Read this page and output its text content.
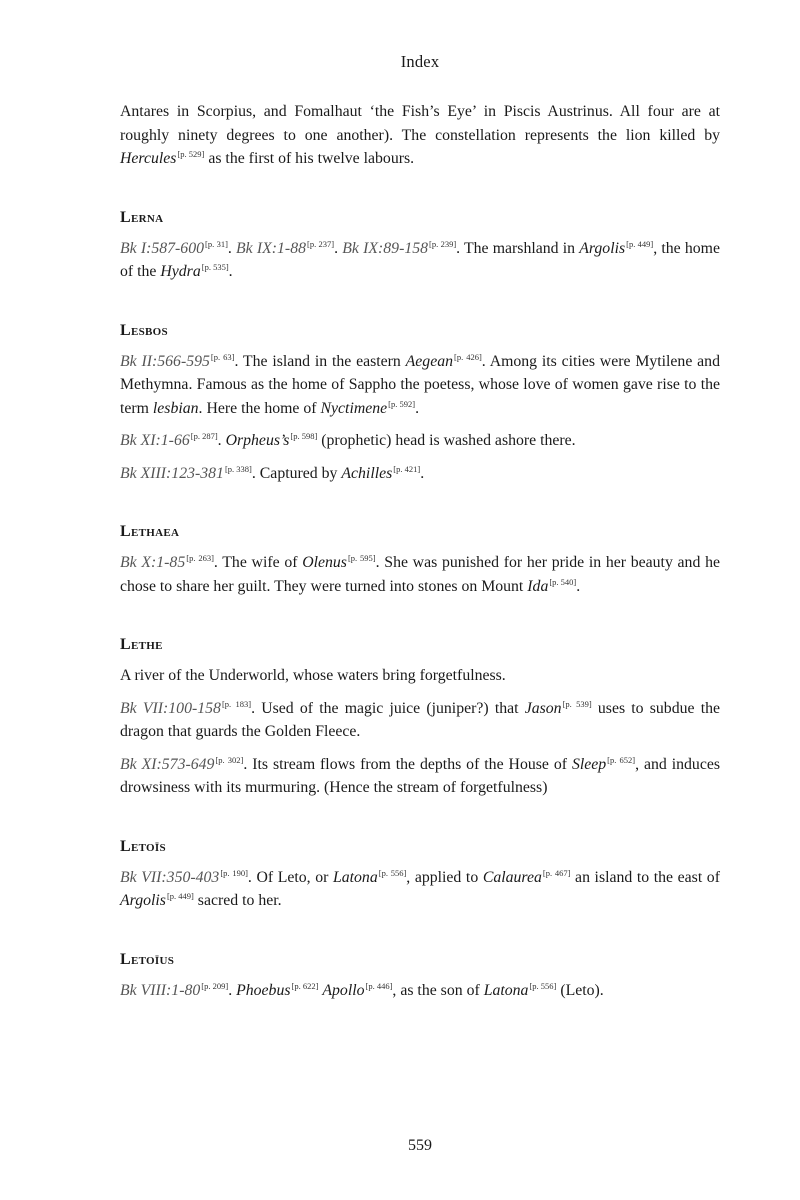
Index

Antares in Scorpius, and Fomalhaut ‘the Fish’s Eye’ in Piscis Austrinus. All four are at roughly ninety degrees to one another). The constellation represents the lion killed by Hercules[p. 529] as the first of his twelve labours.

Lerna

Bk I:587-600[p. 31]. Bk IX:1-88[p. 237]. Bk IX:89-158[p. 239]. The marshland in Argolis[p. 449], the home of the Hydra[p. 535].

Lesbos

Bk II:566-595[p. 63]. The island in the eastern Aegean[p. 426]. Among its cities were Mytilene and Methymna. Famous as the home of Sappho the poetess, whose love of women gave rise to the term lesbian. Here the home of Nyctimene[p. 592].

Bk XI:1-66[p. 287]. Orpheus’s[p. 598] (prophetic) head is washed ashore there.

Bk XIII:123-381[p. 338]. Captured by Achilles[p. 421].

Lethaea

Bk X:1-85[p. 263]. The wife of Olenus[p. 595]. She was punished for her pride in her beauty and he chose to share her guilt. They were turned into stones on Mount Ida[p. 540].

Lethe

A river of the Underworld, whose waters bring forgetfulness.

Bk VII:100-158[p. 183]. Used of the magic juice (juniper?) that Jason[p. 539] uses to subdue the dragon that guards the Golden Fleece.

Bk XI:573-649[p. 302]. Its stream flows from the depths of the House of Sleep[p. 652], and induces drowsiness with its murmuring. (Hence the stream of forgetfulness)

Letoïs

Bk VII:350-403[p. 190]. Of Leto, or Latona[p. 556], applied to Calaurea[p. 467] an island to the east of Argolis[p. 449] sacred to her.

Letoïus

Bk VIII:1-80[p. 209]. Phoebus[p. 622] Apollo[p. 446], as the son of Latona[p. 556] (Leto).

559
